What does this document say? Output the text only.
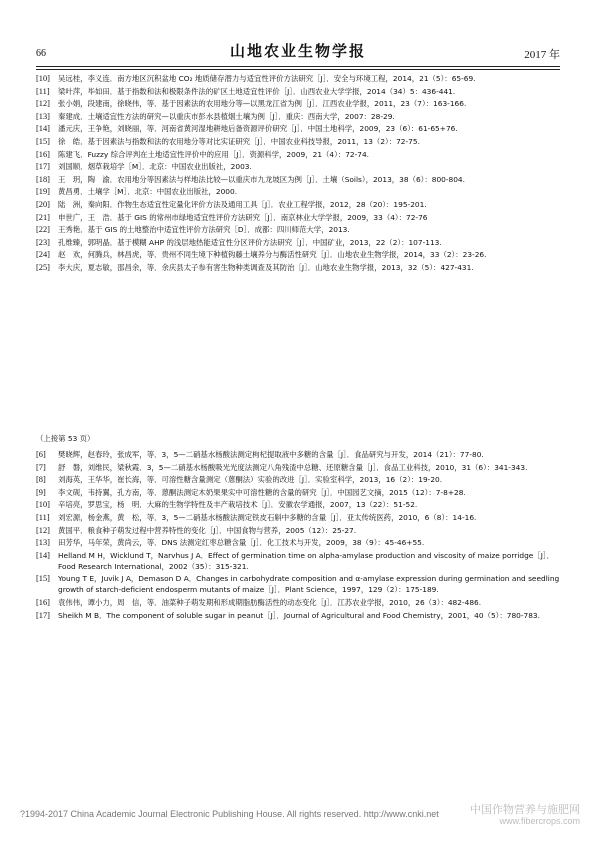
66	山地农业生物学报	2017 年
[10] 吴远桂，李义连．南方地区沉积盆地 CO₂ 地质储存潜力与适宜性评价方法研究［J］．安全与环境工程，2014，21（5）：65-69.
[11] 梁叶萍，毕如田．基于指数和法和极限条件法的矿区土地适宜性评价［J］．山西农业大学学报，2014（34）5：436-441.
[12] 张小娟，段建南，徐晓伟，等．基于因素法的农用地分等—以黑龙江省为例［J］．江西农业学报，2011，23（7）：163-166.
[13] 秦建成．土壤适宜性方法的研究—以重庆市彭水县植烟土壤为例［J］．重庆：西南大学，2007：28-29.
[14] 潘元庆，王争艳，刘晓丽，等．河南省黄河湿地耕地后备资源评价研究［J］．中国土地科学，2009，23（6）：61-65+76.
[15] 徐　皓．基于因素法与指数和法的农用地分等对比实证研究［J］．中国农业科技导报，2011，13（2）：72-75.
[16] 陈建飞．Fuzzy 综合评判在土地适宜性评价中的应用［J］．资源科学，2009，21（4）：72-74.
[17] 刘国顺．烟草栽培学［M］．北京：中国农业出版社，2003.
[18] 王　玥，陶　渝．农用地分等因素法与样地法比较—以重庆市九龙坡区为例［J］．土壤（Soils），2013，38（6）：800-804.
[19] 黄昌勇．土壤学［M］．北京：中国农业出版社，2000.
[20] 陆　洲，秦向阳．作物生态适宜性定量化评价方法及通用工具［J］．农业工程学报，2012，28（20）：195-201.
[21] 申世广，王　浩．基于 GIS 的常州市绿地适宜性评价方法研究［J］．南京林业大学学报，2009，33（4）：72-76
[22] 王秀艳．基于 GIS 的土地整治中适宜性评价方法研究［D］．成都：四川师范大学，2013.
[23] 孔维臻，郭明晶．基于模糊 AHP 的浅层地热能适宜性分区评价方法研究［J］．中国矿业，2013，22（2）：107-113.
[24] 赵　欢，何腾兵，林昌虎，等．贵州不同生境下种植钩藤土壤养分与酶活性研究［J］．山地农业生物学报，2014，33（2）：23-26.
[25] 李大庆，夏志敏，邵昌余，等．余庆县太子参有害生物种类调查及其防治［J］．山地农业生物学报，2013，32（5）：427-431.
（上接第 53 页）
[6] 樊晓辉，赵春玲，张成军，等．3，5—二硝基水杨酸法测定枸杞提取液中多糖的含量［J］．食品研究与开发，2014（21）：77-80.
[7] 舒　磐，刘维民，梁秋霞．3，5—二硝基水杨酸吸光光度法测定八角残渣中总糖、还原糖含量［J］．食品工业科技，2010，31（6）：341-343.
[8] 刘海英，王华华，崔长海，等．可溶性糖含量测定（蒽酮法）实验的改进［J］．实验室科学，2013，16（2）：19-20.
[9] 李文砚，韦持翼，孔方南，等．蒽酮法测定木奶果果实中可溶性糖的含量的研究［J］．中国园艺文摘，2015（12）：7-8+28.
[10] 辛培亮，罗思宝，杨　明．大麻的生物学特性及丰产栽培技术［J］．安徽农学通报，2007，13（22）：51-52.
[11] 刘宏源，杨金燕，黄　松，等．3，5—二硝基水杨酸法测定铁皮石斛中多糖的含量［J］．亚太传统医药，2010，6（8）：14-16.
[12] 黄国平．粮食种子萌发过程中营养特性的变化［J］．中国食物与营养，2005（12）：25-27.
[13] 田芳华，马年荣，黄尚云，等．DNS 法测定红枣总糖含量［J］．化工技术与开发，2009，38（9）：45-46+55.
[14] Helland M H，Wicklund T，Narvhus J A．Effect of germination time on alpha-amylase production and viscosity of maize porridge［J］．Food Research International，2002（35）：315-321.
[15] Young T E，Juvik J A，Demason D A．Changes in carbohydrate composition and α-amylase expression during germination and seedling growth of starch-deficient endosperm mutants of maize［J］．Plant Science，1997，129（2）：175-189.
[16] 袁伟伟，谭小力，周　信，等．油菜种子萌发期和形成期脂肪酶活性的动态变化［J］．江苏农业学报，2010，26（3）：482-486.
[17] Sheikh M B．The component of soluble sugar in peanut［J］．Journal of Agricultural and Food Chemistry，2001，40（5）：780-783.
?1994-2017 China Academic Journal Electronic Publishing House. All rights reserved. http://www.cnki.net	中国作物营养与施肥网
www.fibercrops.com
